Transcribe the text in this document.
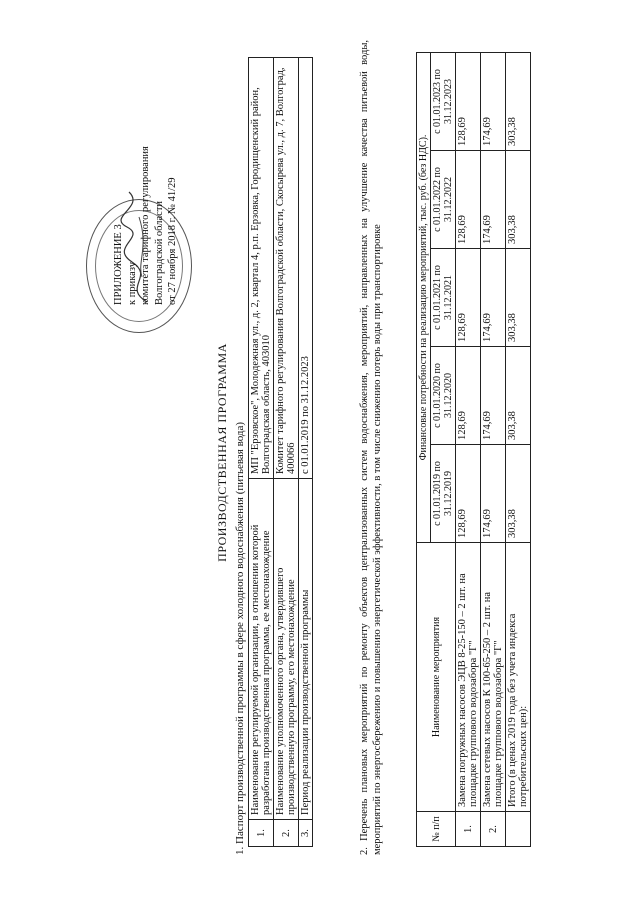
ПРИЛОЖЕНИЕ 3 к приказу комитета тарифного регулирования Волгоградской области от 27 ноября 2018 г. № 41/29
ПРОИЗВОДСТВЕННАЯ ПРОГРАММА 1. Паспорт производственной программы в сфере холодного водоснабжения (питьевая вода) 1.	Наименование регулируемой организации, в отношении которой разработана производственная программа, ее местонахождение	МП "Ерзовское", Молодежная ул., д. 2, квартал 4, р.п. Ерзовка, Городищенский район, Волгоградская область, 403010
2.	Наименование уполномоченного органа, утвердившего производственную программу, его местонахождение	Комитет тарифного регулирования Волгоградской области, Скосырева ул., д. 7, Волгоград, 400066
3.	Период реализации производственной программы	с 01.01.2019 по 31.12.2023	2. Перечень плановых мероприятий по ремонту объектов централизованных систем водоснабжения, мероприятий, направленных на улучшение качества питьевой воды, мероприятий по энергосбережению и повышению энергетической эффективности, в том числе снижению потерь воды при транспортировке	№ п/п	Наименование мероприятия	Финансовые потребности на реализацию мероприятий, тыс. руб. (без НДС).				
		с 01.01.2019 по 31.12.2019	с 01.01.2020 по 31.12.2020	с 01.01.2021 по 31.12.2021	с 01.01.2022 по 31.12.2022	с 01.01.2023 по 31.12.2023
1.	Замена погружных насосов ЭЦВ 8-25-150 – 2 шт. на площадке группового водозабора "Г"	128,69	128,69	128,69	128,69	128,69
2.	Замена сетевых насосов К 100-65-250 – 2 шт. на площадке группового водозабора "Г"	174,69	174,69	174,69	174,69	174,69
	Итого (в ценах 2019 года без учета индекса потребительских цен):	303,38	303,38	303,38	303,38	303,38
